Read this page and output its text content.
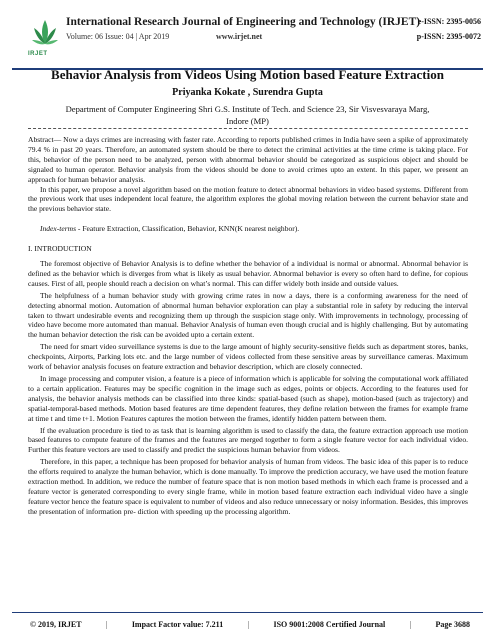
IRJET
International Research Journal of Engineering and Technology (IRJET)
Volume: 06 Issue: 04 | Apr 2019	www.irjet.net
e-ISSN: 2395-0056
p-ISSN: 2395-0072
Behavior Analysis from Videos Using Motion based Feature Extraction
Priyanka Kokate , Surendra Gupta
Department of Computer Engineering Shri G.S. Institute of Tech. and Science 23, Sir Visvesvaraya Marg,
Indore (MP)

Abstract— Now a days crimes are increasing with faster rate. According to reports published crimes in India have seen a spike of approximately 79.4 % in past 20 years. Therefore, an automated system should be there to detect the criminal activities at the time crime is taking place. For this, behavior of the person need to be analyzed, person with abnormal behavior should be categorized as suspicious object and should be signaled to human operator. Behavior analysis from the videos should be done to avoid crimes upto an extent. In this paper, we present an approach for human behavior analysis.

In this paper, we propose a novel algorithm based on the motion feature to detect abnormal behaviors in video based systems. Different from the previous work that uses independent local feature, the algorithm explores the global moving relation between the current behavior state and the previous behavior state.

Index-terms - Feature Extraction, Classification, Behavior, KNN(K nearest neighbor).

I. INTRODUCTION

The foremost objective of Behavior Analysis is to define whether the behavior of a individual is normal or abnormal. Abnormal behavior is defined as the behavior which is diverges from what is likely as usual behavior. Abnormal behavior is every so often hard to define, for copious causes. First of all, people should reach a decision on what’s normal. This can differ widely both inside and outside values.

The helpfulness of a human behavior study with growing crime rates in now a days, there is a conforming awareness for the need of detecting abnormal motion. Automation of abnormal human behavior exploration can play a substantial role in safety by reducing the interval taken to thwart undesirable events and recognizing them up through the suspicion stage only. With improvements in technology, processing of video have become more automated than manual. Behavior Analysis of human even though crucial and is highly challenging. But by automating the human behavior detection the risk can be avoided upto a certain extent.

The need for smart video surveillance systems is due to the large amount of highly security-sensitive fields such as department stores, banks, checkpoints, Airports, Parking lots etc. and the large number of videos collected from these sensitive areas by surveillance cameras. Maximum work of behavior analysis focuses on feature extraction and behavior description, which are closely connected.

In image processing and computer vision, a feature is a piece of information which is applicable for solving the computational work affiliated to a certain application. Features may be specific cognition in the image such as edges, points or objects. According to the features used for analysis, the behavior analysis methods can be classified into three kinds: spatial-based (such as shape), motion-based (such as trajectory) and spatial-temporal-based methods. Motion based features are time dependent features, they define relation between the frames for example frame at time t and time t+1. Motion Features captures the motion between the frames, identify hidden pattern between them.

If the evaluation procedure is tied to as task that is learning algorithm is used to classify the data, the feature extraction approach use motion based features to compute feature of the frames and the features are merged together to form a single feature vector for each individual video. Further this feature vectors are used to classify and predict the suspicious human behavior from videos.

Therefore, in this paper, a technique has been proposed for behavior analysis of human from videos. The basic idea of this paper is to reduce the efforts required to analyze the human behavior, which is done manually. To improve the prediction accuracy, we have used the motion feature extraction method. In addition, we reduce the number of feature space that is non motion based methods in which each frame is processed and a feature vector is generated corresponding to every single frame, while in motion based feature extraction each individual video have a single feature vector hence the feature space is equivalent to number of videos and also reduce unnecessary or noisy information. Besides, this improves the presentation of information pre- diction with speeding up the processing algorithm.

© 2019, IRJET	|	Impact Factor value: 7.211	|	ISO 9001:2008 Certified Journal	|	Page 3688
